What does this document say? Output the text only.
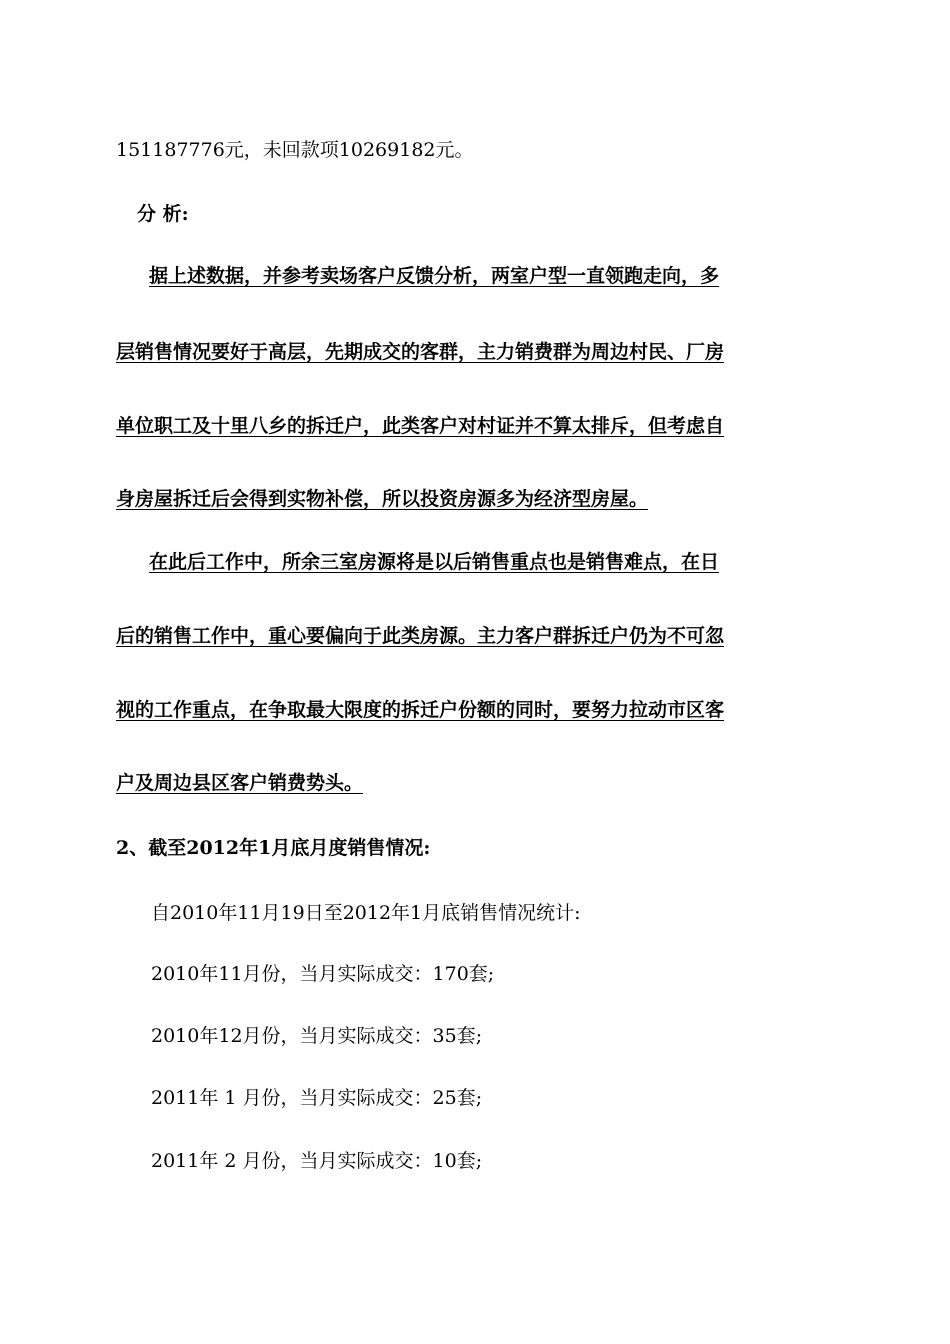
151187776元，未回款项10269182元。
分 析:
据上述数据，并参考卖场客户反馈分析，两室户型一直领跑走向，多
层销售情况要好于高层，先期成交的客群，主力销费群为周边村民、厂房
单位职工及十里八乡的拆迁户，此类客户对村证并不算太排斥，但考虑自
身房屋拆迁后会得到实物补偿，所以投资房源多为经济型房屋。
在此后工作中，所余三室房源将是以后销售重点也是销售难点，在日
后的销售工作中，重心要偏向于此类房源。主力客户群拆迁户仍为不可忽
视的工作重点，在争取最大限度的拆迁户份额的同时，要努力拉动市区客
户及周边县区客户销费势头。
2、截至2012年1月底月度销售情况:
自2010年11月19日至2012年1月底销售情况统计:
2010年11月份，当月实际成交：170套;
2010年12月份，当月实际成交：35套;
2011年 1 月份，当月实际成交：25套;
2011年 2 月份，当月实际成交：10套;
